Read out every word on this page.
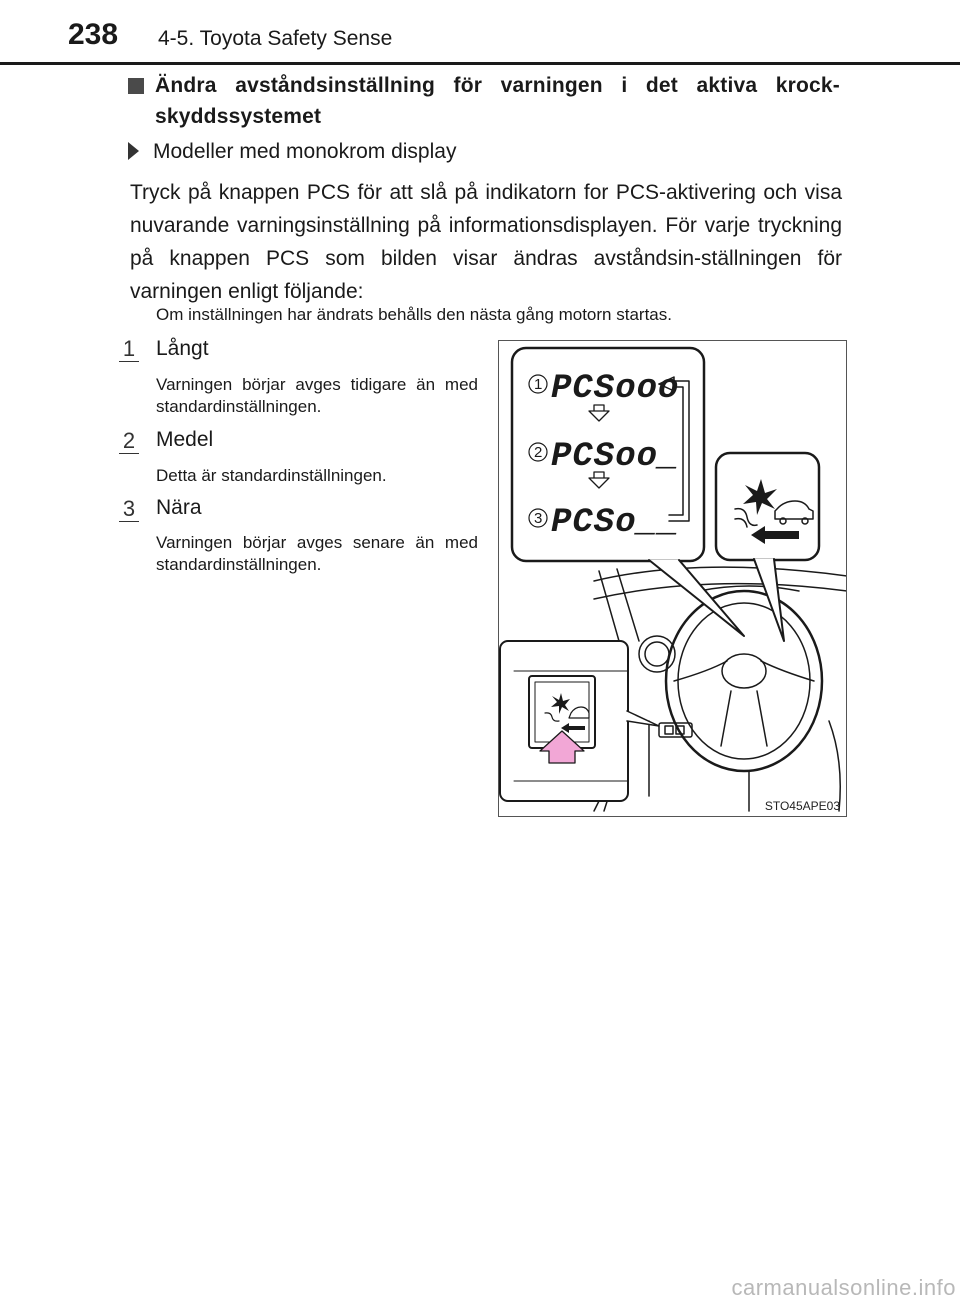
238 4-5. Toyota Safety Sense
Ändra avståndsinställning för varningen i det aktiva krock-skyddssystemet
Modeller med monokrom display

Tryck på knappen PCS för att slå på indikatorn for PCS-aktivering och visa nuvarande varningsinställning på informationsdisplayen. För varje tryckning på knappen PCS som bilden visar ändras avståndsin-ställningen för varningen enligt följande:

Om inställningen har ändrats behålls den nästa gång motorn startas.

1 Långt

Varningen börjar avges tidigare än med standardinställningen.

2 Medel

Detta är standardinställningen.

3 Nära

Varningen börjar avges senare än med standardinställningen.

1 PCSooo
2 PCSoo_
3 PCSo__
STO45APE03
carmanualsonline.info
